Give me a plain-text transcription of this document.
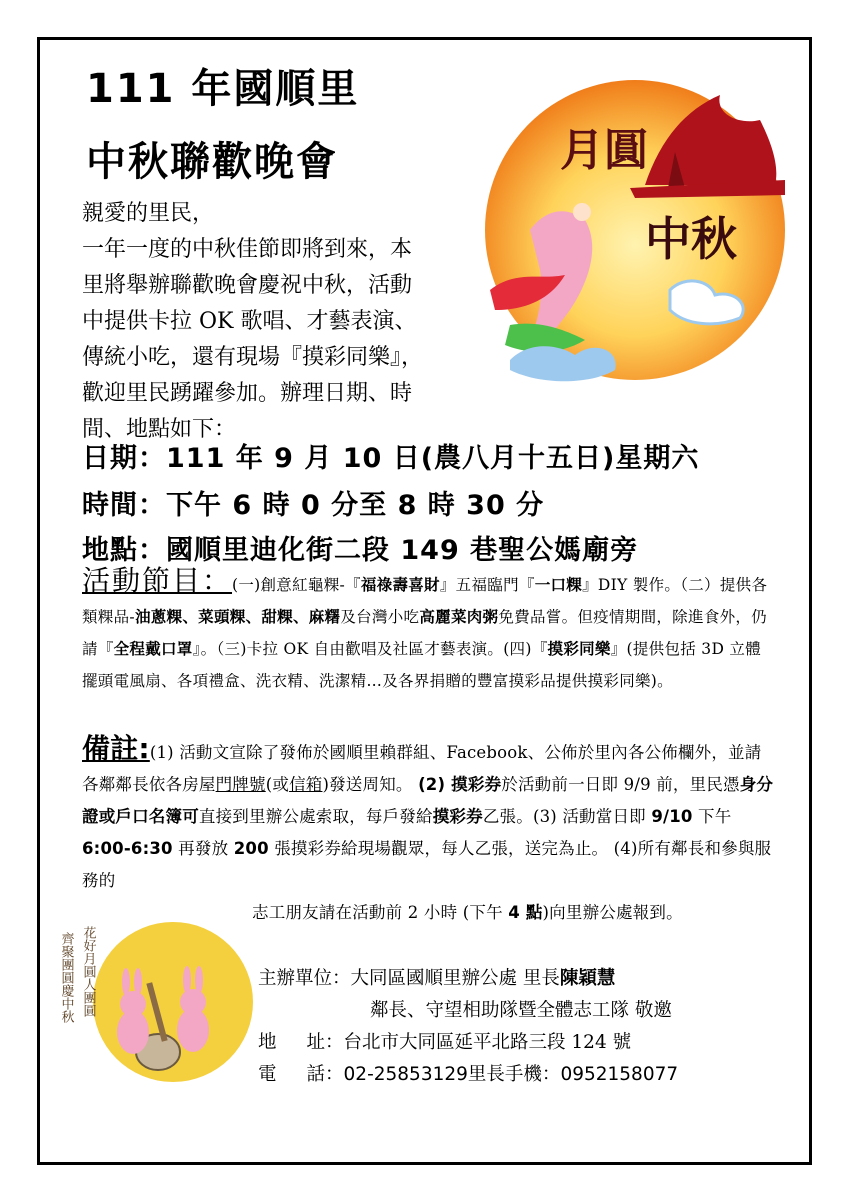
111 年國順里
中秋聯歡晚會

親愛的里民，

一年一度的中秋佳節即將到來，本

里將舉辦聯歡晚會慶祝中秋，活動

中提供卡拉 OK 歌唱、才藝表演、

傳統小吃，還有現場『摸彩同樂』，

歡迎里民踴躍參加。辦理日期、時

間、地點如下：

月圓
中秋
日期：111 年 9 月 10 日(農八月十五日)星期六
時間：下午 6 時 0 分至 8 時 30 分
地點：國順里迪化街二段 149 巷聖公媽廟旁
活動節目：(一)創意紅龜粿-『福祿壽喜財』五福臨門『一口粿』DIY 製作。（二）提供各類粿品-油蔥粿、菜頭粿、甜粿、麻糬及台灣小吃高麗菜肉粥免費品嘗。但疫情期間，除進食外，仍請『全程戴口罩』。（三)卡拉 OK 自由歡唱及社區才藝表演。(四)『摸彩同樂』(提供包括 3D 立體擺頭電風扇、各項禮盒、洗衣精、洗潔精…及各界捐贈的豐富摸彩品提供摸彩同樂)。
備註:(1) 活動文宣除了發佈於國順里賴群組、Facebook、公佈於里內各公佈欄外，並請各鄰鄰長依各房屋門牌號(或信箱)發送周知。 (2) 摸彩券於活動前一日即 9/9 前，里民憑身分證或戶口名簿可直接到里辦公處索取，每戶發給摸彩券乙張。(3) 活動當日即 9/10 下午 6:00-6:30 再發放 200 張摸彩券給現場觀眾，每人乙張，送完為止。 (4)所有鄰長和參與服務的
志工朋友請在活動前 2 小時 (下午 4 點)向里辦公處報到。
齊聚團圓慶中秋 花好月圓人團圓	主辦單位： 大同區國順里辦公處 里長 陳穎慧
鄰長、守望相助隊暨全體志工隊 敬邀
地 址： 台北市大同區延平北路三段 124 號
電 話： 02-25853129 里長手機： 0952158077
